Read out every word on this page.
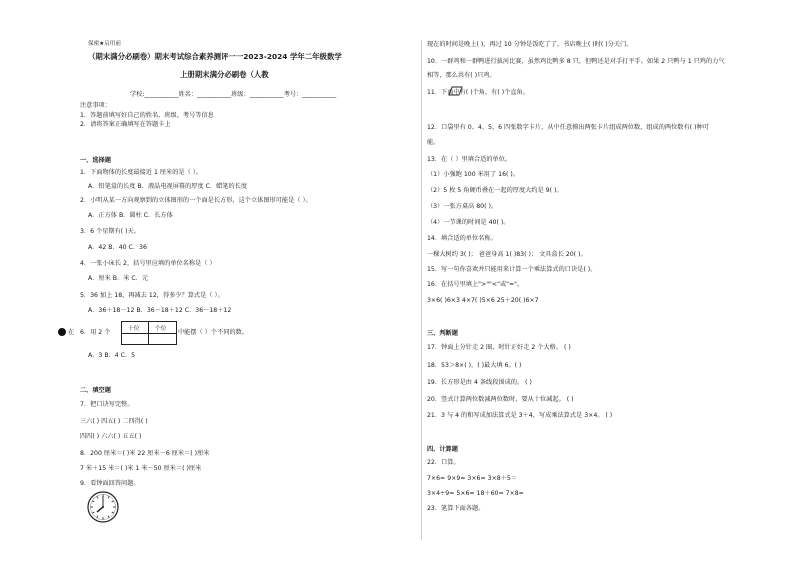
保密★启用前
（期末满分必刷卷）期末考试综合素养测评一一2023-2024 学年二年级数学
上册期末满分必刷卷（人教
学校:___________姓名：___________班级：___________考号：___________
注意事项：
1．答题前填写好自己的姓名、班级、考号等信息
2．请将答案正确填写在答题卡上
一、选择题
1．下面物体的长度最接近 1 厘米的是（ ）。
A．铅笔盒的长度 B．液晶电视屏幕的厚度 C．蜡笔的长度
2．小明从某一方向观察到的立体图形的一个面是长方形，这个立体图形可能是（ ）。
A．正方体 B．圆柱 C．长方体
3．6 个星期有( )天。
A．42 B．40 C．36
4．一张小床长 2，括号里应填的单位名称是（ ）
A．厘米 B．米 C．元
5．36 加上 18，再减去 12，得多少？算式是（ ）。
A．36＋18－12 B．36－18＋12 C．36－18＋12
6．用 2 个
在	十位	个位 中能摆（ ）个不同的数。
A．3 B．4 C．5
二、填空题
7．把口诀写完整。
三六( ) 四五( ) 二四得( )
四四( ) 六六( ) 五五( )
8．200 厘米＝( )米 22 厘米－6 厘米＝( )厘米
7 米＋15 米＝( )米 1 米－50 厘米＝( )厘米
9．看钟面回答问题。
现在的时间是晚上( )，再过 10 分钟是饭吃了了，书店晚上( )时( )分关门。
10．一群鸡和一群鸭进行拔河比赛，虽然鸡比鸭多 8 只，但鸭还是对手打平手。如果 2 只鸭与 1 只鸡的力气
相等，那么共有( )只鸡。
11．下面中有( )个角，有( )个直角。
12．口袋里有 0、4、5、6 四张数字卡片，从中任意摸出两张卡片组成两位数，组成的两位数有( )种可
能。
13．在（ ）里填合适的单位。
（1）小强跑 100 米用了 16( )。
（2）5 枚 5 角硬币叠在一起的厚度大约是 9( )。
（3）一张方桌高 80( )。
（4）一节课的时间是 40( )。
14．填合适的单位名称。
一棵大树约 3( )； 爸爸身高 1( )83( )； 文具盒长 20( )。
15．写一句你喜欢并只能用来计算一个乘法算式的口诀是( )。
16．在括号里填上">""<"或"="。
3×6( )6×3 4×7( )5×6 25＋20( )6×7
三、判断题
17．钟面上分针走 2 圈，时针正好走 2 个大格。 ( )
18．53＞8×( )，( )最大填 6。( )
19．长方形是由 4 条线段围成的。 ( )
20．竖式计算两位数减两位数时，要从十位减起。 ( )
21．3 与 4 的和写成加法算式是 3＋4，写成乘法算式是 3×4。 ( )
四、计算题
22．口算。
7×6= 9×9= 3×6= 3×8＋5＝
3×4÷9= 5×6= 18＋60= 7×8=
23．笔算下面各题。
